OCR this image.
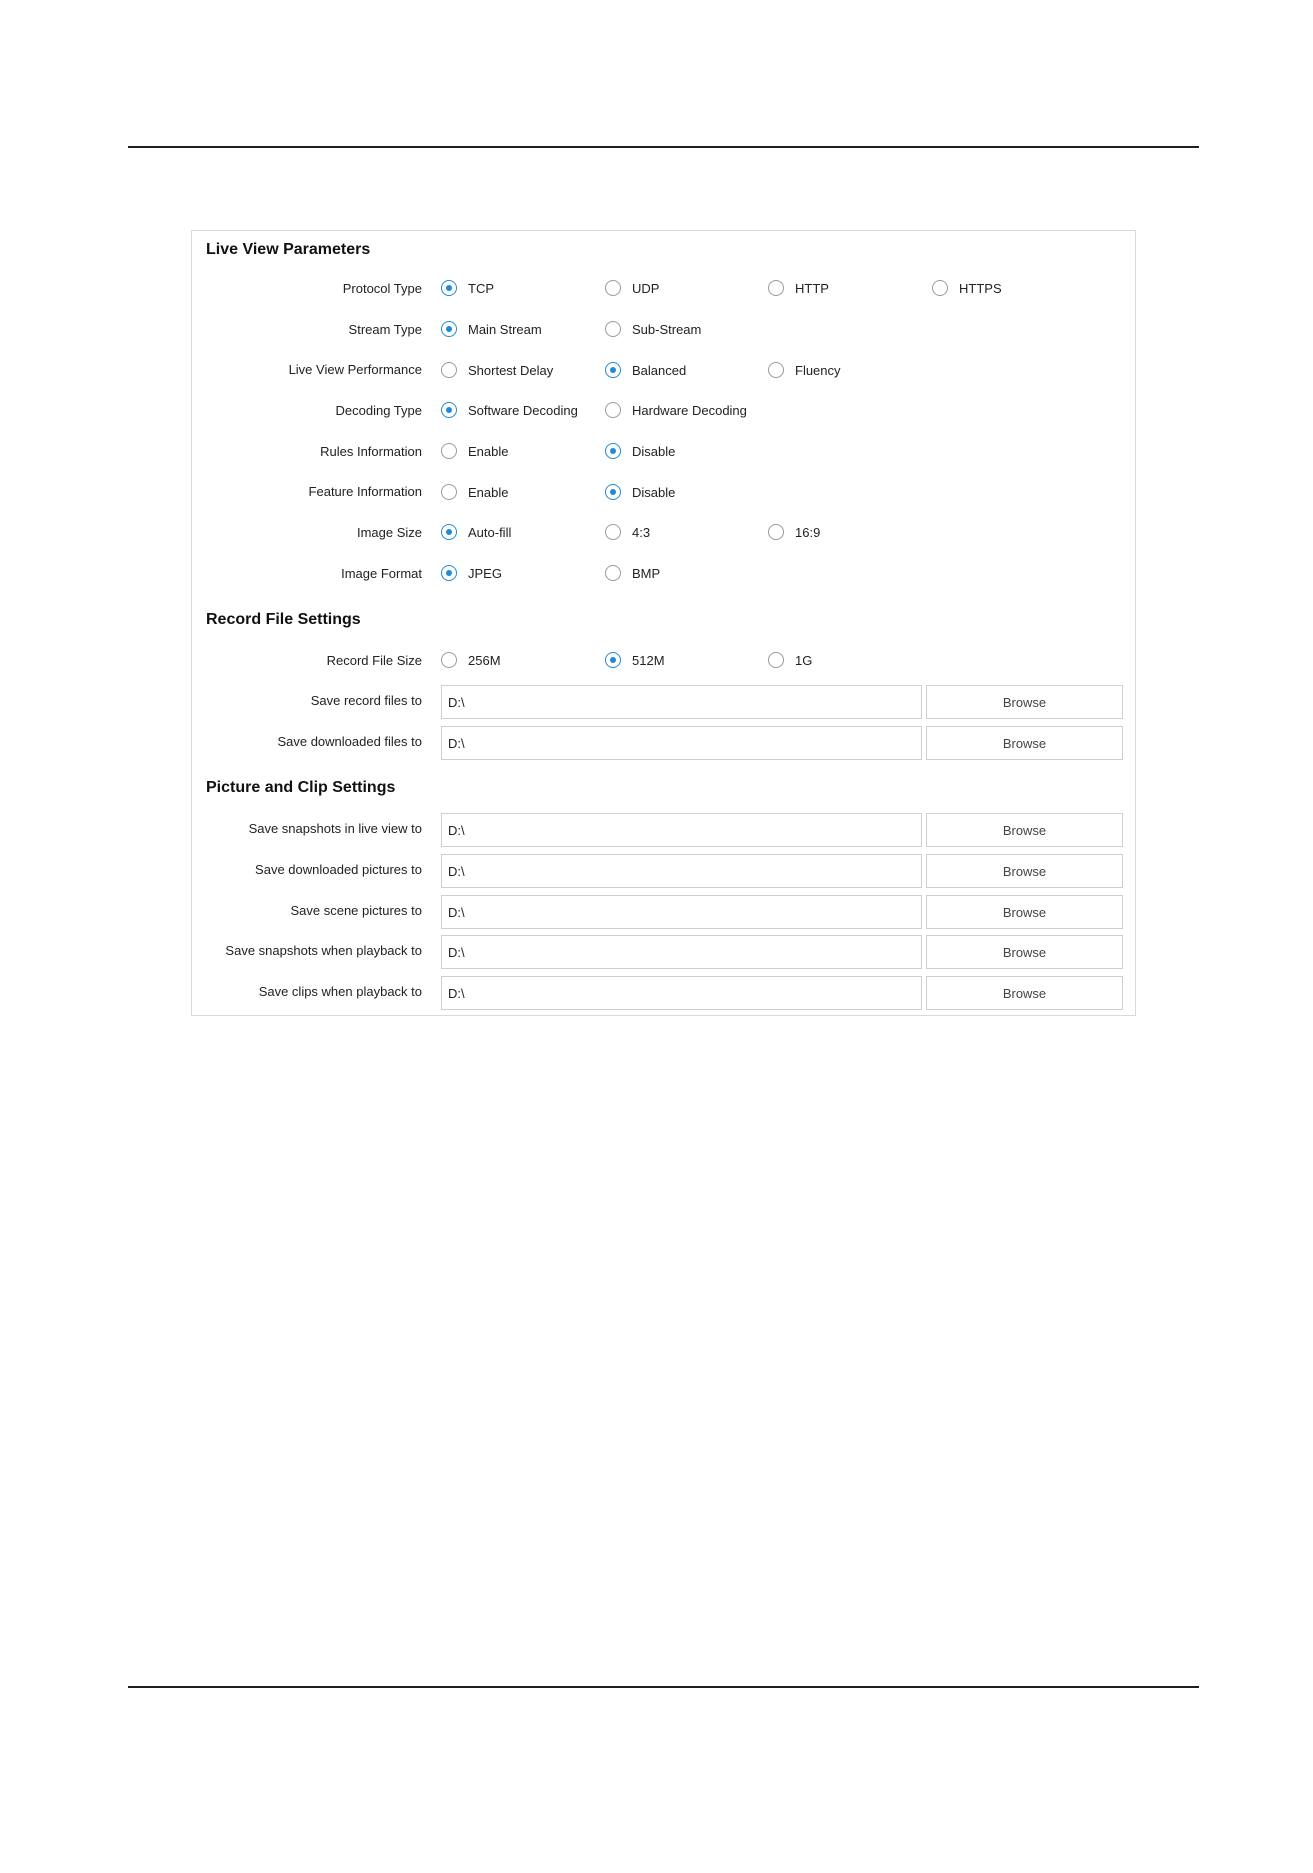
Live View Parameters
Protocol Type	TCP	UDP	HTTP	HTTPS
Stream Type	Main Stream	Sub-Stream
Live View Performance	Shortest Delay	Balanced	Fluency
Decoding Type	Software Decoding	Hardware Decoding
Rules Information	Enable	Disable
Feature Information	Enable	Disable
Image Size	Auto-fill	4:3	16:9
Image Format	JPEG	BMP
Record File Settings
Record File Size	256M	512M	1G
Save record files to	D:\	Browse
Save downloaded files to	D:\	Browse
Picture and Clip Settings
Save snapshots in live view to	D:\	Browse
Save downloaded pictures to	D:\	Browse
Save scene pictures to	D:\	Browse
Save snapshots when playback to	D:\	Browse
Save clips when playback to	D:\	Browse
